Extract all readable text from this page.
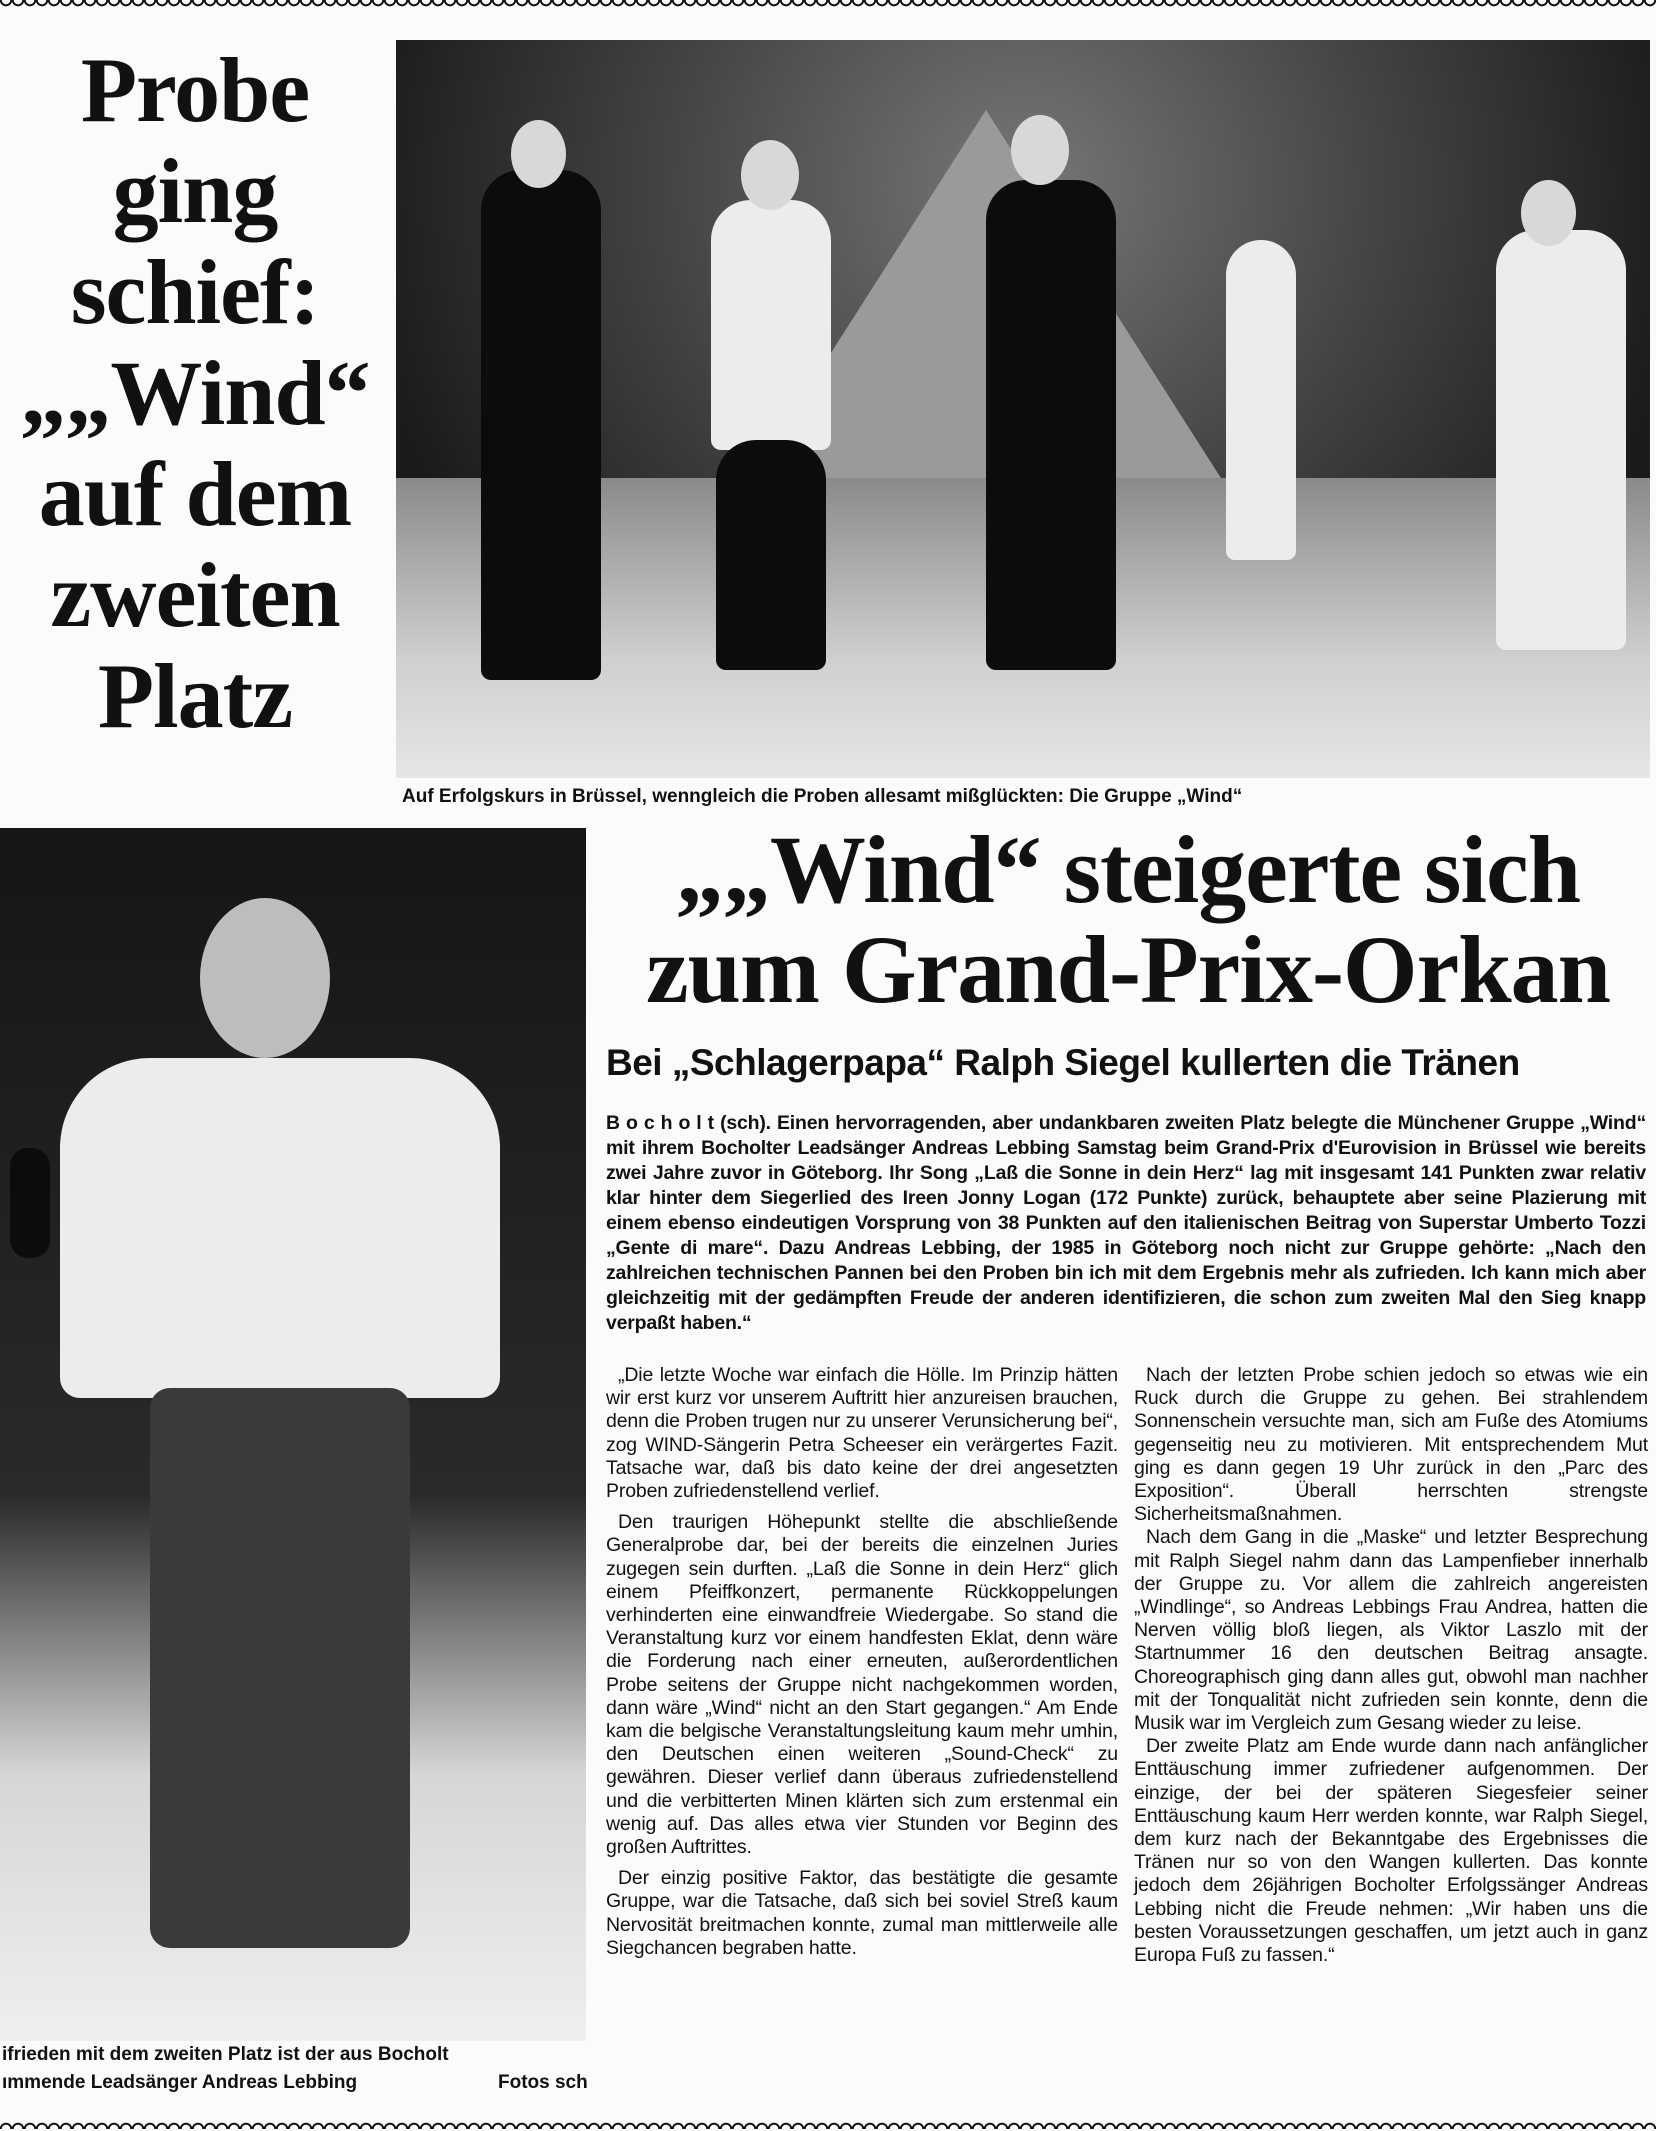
Probe
ging
schief:
„„Wind“
auf dem
zweiten
Platz
Auf Erfolgskurs in Brüssel, wenngleich die Proben allesamt mißglückten: Die Gruppe „Wind“
ifrieden mit dem zweiten Platz ist der aus Bocholt
ımmende Leadsänger Andreas Lebbing	Fotos sch
„„Wind“ steigerte sich
zum Grand-Prix-Orkan
Bei „Schlagerpapa“ Ralph Siegel kullerten die Tränen
B o c h o l t (sch). Einen hervorragenden, aber undankbaren zweiten Platz belegte die Münchener Gruppe „Wind“ mit ihrem Bocholter Leadsänger Andreas Lebbing Samstag beim Grand-Prix d'Eurovision in Brüssel wie bereits zwei Jahre zuvor in Göteborg. Ihr Song „Laß die Sonne in dein Herz“ lag mit insgesamt 141 Punkten zwar relativ klar hinter dem Siegerlied des Ireen Jonny Logan (172 Punkte) zurück, behauptete aber seine Plazierung mit einem ebenso eindeutigen Vorsprung von 38 Punkten auf den italienischen Beitrag von Superstar Umberto Tozzi „Gente di mare“. Dazu Andreas Lebbing, der 1985 in Göteborg noch nicht zur Gruppe gehörte: „Nach den zahlreichen technischen Pannen bei den Proben bin ich mit dem Ergebnis mehr als zufrieden. Ich kann mich aber gleichzeitig mit der gedämpften Freude der anderen identifizieren, die schon zum zweiten Mal den Sieg knapp verpaßt haben.“

„Die letzte Woche war einfach die Hölle. Im Prinzip hätten wir erst kurz vor unserem Auftritt hier anzureisen brauchen, denn die Proben trugen nur zu unserer Verunsicherung bei“, zog WIND-Sängerin Petra Scheeser ein verärgertes Fazit. Tatsache war, daß bis dato keine der drei angesetzten Proben zufriedenstellend verlief.

Den traurigen Höhepunkt stellte die abschließende Generalprobe dar, bei der bereits die einzelnen Juries zugegen sein durften. „Laß die Sonne in dein Herz“ glich einem Pfeiffkonzert, permanente Rückkoppelungen verhinderten eine einwandfreie Wiedergabe. So stand die Veranstaltung kurz vor einem handfesten Eklat, denn wäre die Forderung nach einer erneuten, außerordentlichen Probe seitens der Gruppe nicht nachgekommen worden, dann wäre „Wind“ nicht an den Start gegangen.“ Am Ende kam die belgische Veranstaltungsleitung kaum mehr umhin, den Deutschen einen weiteren „Sound-Check“ zu gewähren. Dieser verlief dann überaus zufriedenstellend und die verbitterten Minen klärten sich zum erstenmal ein wenig auf. Das alles etwa vier Stunden vor Beginn des großen Auftrittes.

Der einzig positive Faktor, das bestätigte die gesamte Gruppe, war die Tatsache, daß sich bei soviel Streß kaum Nervosität breitmachen konnte, zumal man mittlerweile alle Siegchancen begraben hatte.

Nach der letzten Probe schien jedoch so etwas wie ein Ruck durch die Gruppe zu gehen. Bei strahlendem Sonnenschein versuchte man, sich am Fuße des Atomiums gegenseitig neu zu motivieren. Mit entsprechendem Mut ging es dann gegen 19 Uhr zurück in den „Parc des Exposition“. Überall herrschten strengste Sicherheitsmaßnahmen.

Nach dem Gang in die „Maske“ und letzter Besprechung mit Ralph Siegel nahm dann das Lampenfieber innerhalb der Gruppe zu. Vor allem die zahlreich angereisten „Windlinge“, so Andreas Lebbings Frau Andrea, hatten die Nerven völlig bloß liegen, als Viktor Laszlo mit der Startnummer 16 den deutschen Beitrag ansagte. Choreographisch ging dann alles gut, obwohl man nachher mit der Tonqualität nicht zufrieden sein konnte, denn die Musik war im Vergleich zum Gesang wieder zu leise.

Der zweite Platz am Ende wurde dann nach anfänglicher Enttäuschung immer zufriedener aufgenommen. Der einzige, der bei der späteren Siegesfeier seiner Enttäuschung kaum Herr werden konnte, war Ralph Siegel, dem kurz nach der Bekanntgabe des Ergebnisses die Tränen nur so von den Wangen kullerten. Das konnte jedoch dem 26jährigen Bocholter Erfolgssänger Andreas Lebbing nicht die Freude nehmen: „Wir haben uns die besten Voraussetzungen geschaffen, um jetzt auch in ganz Europa Fuß zu fassen.“
